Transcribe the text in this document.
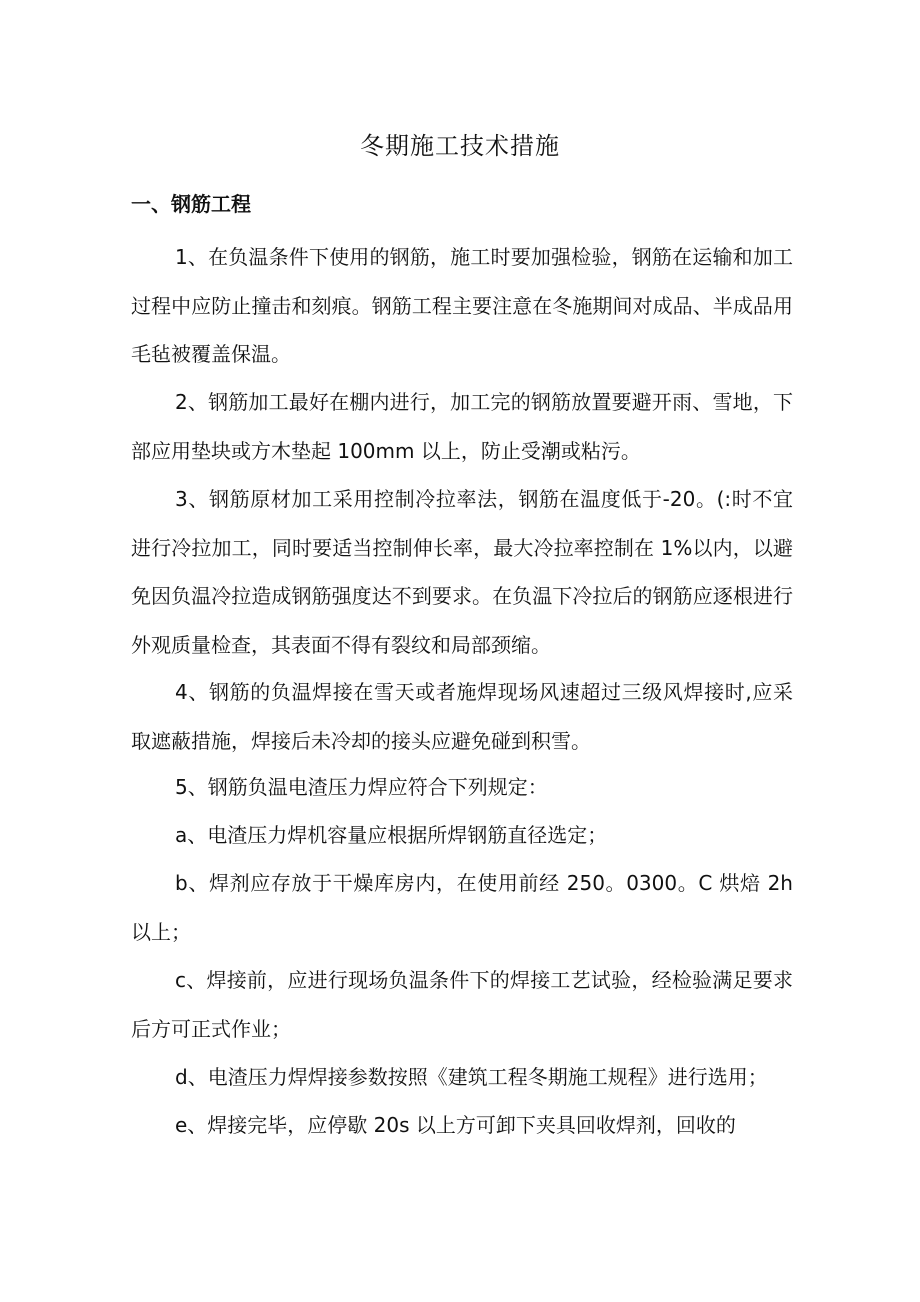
冬期施工技术措施
一、钢筋工程

1、在负温条件下使用的钢筋，施工时要加强检验，钢筋在运输和加工过程中应防止撞击和刻痕。钢筋工程主要注意在冬施期间对成品、半成品用毛毡被覆盖保温。

2、钢筋加工最好在棚内进行，加工完的钢筋放置要避开雨、雪地，下部应用垫块或方木垫起 100mm 以上，防止受潮或粘污。

3、钢筋原材加工采用控制冷拉率法，钢筋在温度低于-20。(:时不宜进行冷拉加工，同时要适当控制伸长率，最大冷拉率控制在 1%以内，以避免因负温冷拉造成钢筋强度达不到要求。在负温下冷拉后的钢筋应逐根进行外观质量检查，其表面不得有裂纹和局部颈缩。

4、钢筋的负温焊接在雪天或者施焊现场风速超过三级风焊接时,应采取遮蔽措施，焊接后未冷却的接头应避免碰到积雪。

5、钢筋负温电渣压力焊应符合下列规定：

a、电渣压力焊机容量应根据所焊钢筋直径选定；

b、焊剂应存放于干燥库房内，在使用前经 250。0300。C 烘焙 2h 以上；

c、焊接前，应进行现场负温条件下的焊接工艺试验，经检验满足要求后方可正式作业；

d、电渣压力焊焊接参数按照《建筑工程冬期施工规程》进行选用；

e、焊接完毕，应停歇 20s 以上方可卸下夹具回收焊剂，回收的
